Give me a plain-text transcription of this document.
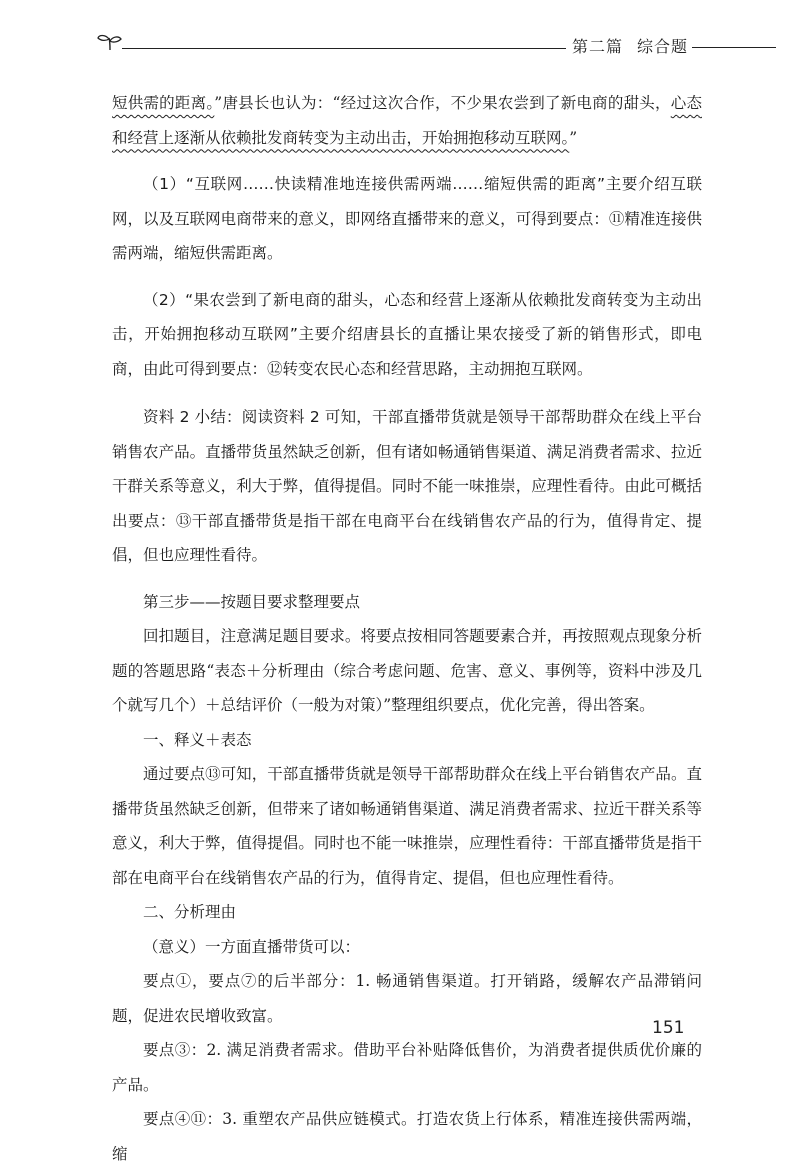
第二篇 综合题

短供需的距离。”唐县长也认为：“经过这次合作，不少果农尝到了新电商的甜头，心态和经营上逐渐从依赖批发商转变为主动出击，开始拥抱移动互联网。”

（1）“互联网……快读精准地连接供需两端……缩短供需的距离”主要介绍互联网，以及互联网电商带来的意义，即网络直播带来的意义，可得到要点：⑪精准连接供需两端，缩短供需距离。

（2）“果农尝到了新电商的甜头，心态和经营上逐渐从依赖批发商转变为主动出击，开始拥抱移动互联网”主要介绍唐县长的直播让果农接受了新的销售形式，即电商，由此可得到要点：⑫转变农民心态和经营思路，主动拥抱互联网。

资料 2 小结：阅读资料 2 可知，干部直播带货就是领导干部帮助群众在线上平台销售农产品。直播带货虽然缺乏创新，但有诸如畅通销售渠道、满足消费者需求、拉近干群关系等意义，利大于弊，值得提倡。同时不能一味推崇，应理性看待。由此可概括出要点：⑬干部直播带货是指干部在电商平台在线销售农产品的行为，值得肯定、提倡，但也应理性看待。

第三步——按题目要求整理要点

回扣题目，注意满足题目要求。将要点按相同答题要素合并，再按照观点现象分析题的答题思路“表态＋分析理由（综合考虑问题、危害、意义、事例等，资料中涉及几个就写几个）＋总结评价（一般为对策）”整理组织要点，优化完善，得出答案。

一、释义＋表态

通过要点⑬可知，干部直播带货就是领导干部帮助群众在线上平台销售农产品。直播带货虽然缺乏创新，但带来了诸如畅通销售渠道、满足消费者需求、拉近干群关系等意义，利大于弊，值得提倡。同时也不能一味推崇，应理性看待：干部直播带货是指干部在电商平台在线销售农产品的行为，值得肯定、提倡，但也应理性看待。

二、分析理由

（意义）一方面直播带货可以：

要点①，要点⑦的后半部分：1. 畅通销售渠道。打开销路，缓解农产品滞销问题，促进农民增收致富。

要点③：2. 满足消费者需求。借助平台补贴降低售价，为消费者提供质优价廉的产品。

要点④⑪：3. 重塑农产品供应链模式。打造农货上行体系，精准连接供需两端，缩

151
